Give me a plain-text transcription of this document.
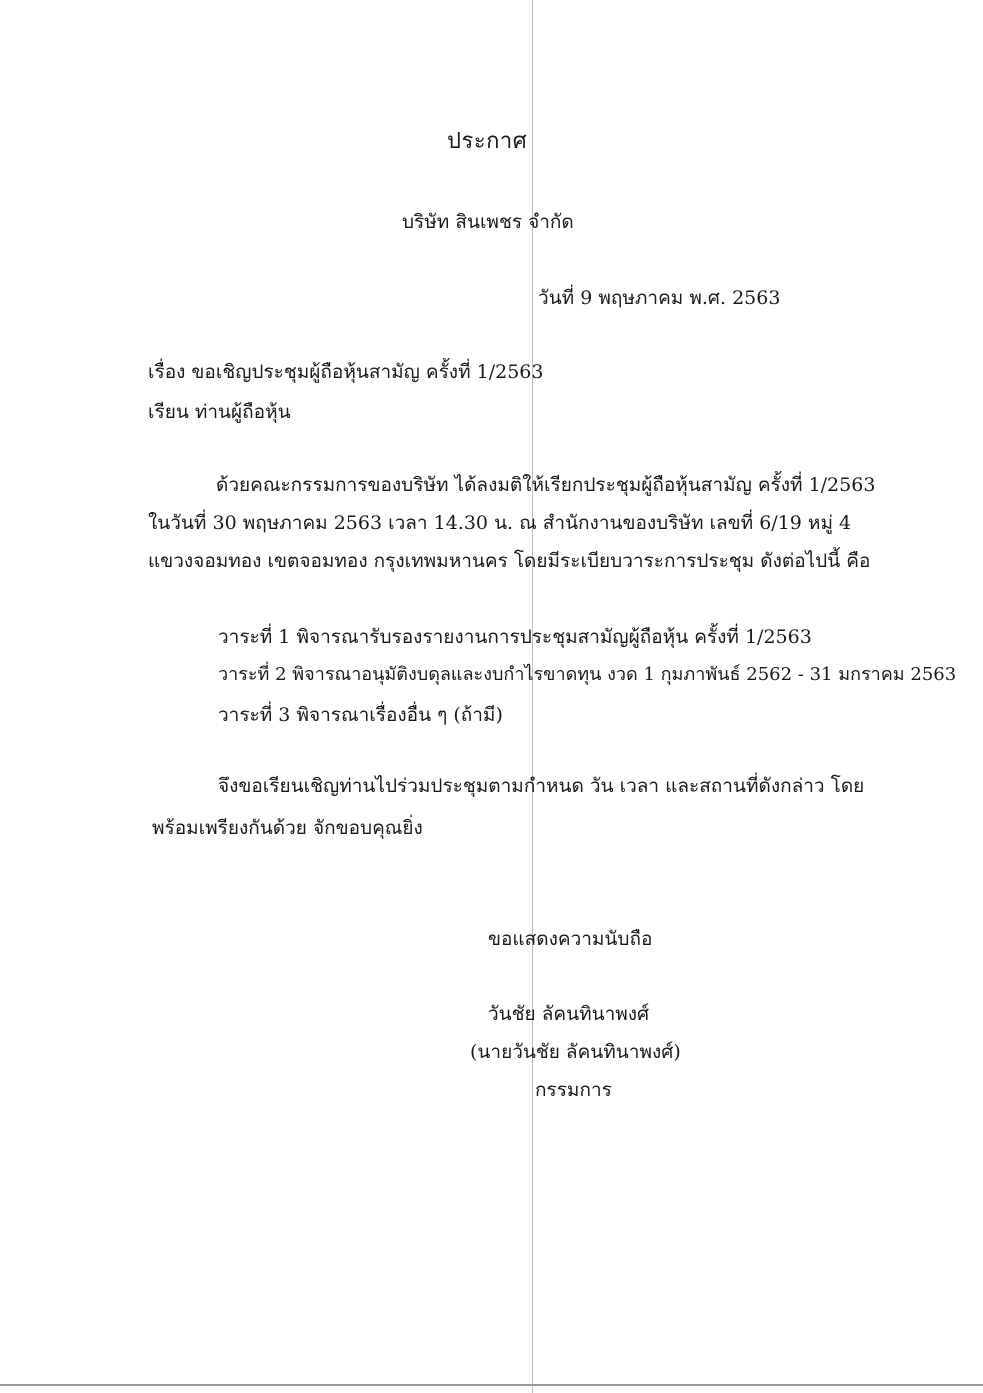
ประกาศ
บริษัท สินเพชร จำกัด
วันที่ 9 พฤษภาคม พ.ศ. 2563
เรื่อง ขอเชิญประชุมผู้ถือหุ้นสามัญ ครั้งที่ 1/2563
เรียน ท่านผู้ถือหุ้น
ด้วยคณะกรรมการของบริษัท ได้ลงมติให้เรียกประชุมผู้ถือหุ้นสามัญ ครั้งที่ 1/2563
ในวันที่ 30 พฤษภาคม 2563 เวลา 14.30 น. ณ สำนักงานของบริษัท เลขที่ 6/19 หมู่ 4
แขวงจอมทอง เขตจอมทอง กรุงเทพมหานคร โดยมีระเบียบวาระการประชุม ดังต่อไปนี้ คือ
วาระที่ 1 พิจารณารับรองรายงานการประชุมสามัญผู้ถือหุ้น ครั้งที่ 1/2563
วาระที่ 2 พิจารณาอนุมัติงบดุลและงบกำไรขาดทุน งวด 1 กุมภาพันธ์ 2562 - 31 มกราคม 2563
วาระที่ 3 พิจารณาเรื่องอื่น ๆ (ถ้ามี)
จึงขอเรียนเชิญท่านไปร่วมประชุมตามกำหนด วัน เวลา และสถานที่ดังกล่าว โดย
พร้อมเพรียงกันด้วย จักขอบคุณยิ่ง
ขอแสดงความนับถือ
วันชัย ลัคนทินาพงศ์
(นายวันชัย ลัคนทินาพงศ์)
กรรมการ
